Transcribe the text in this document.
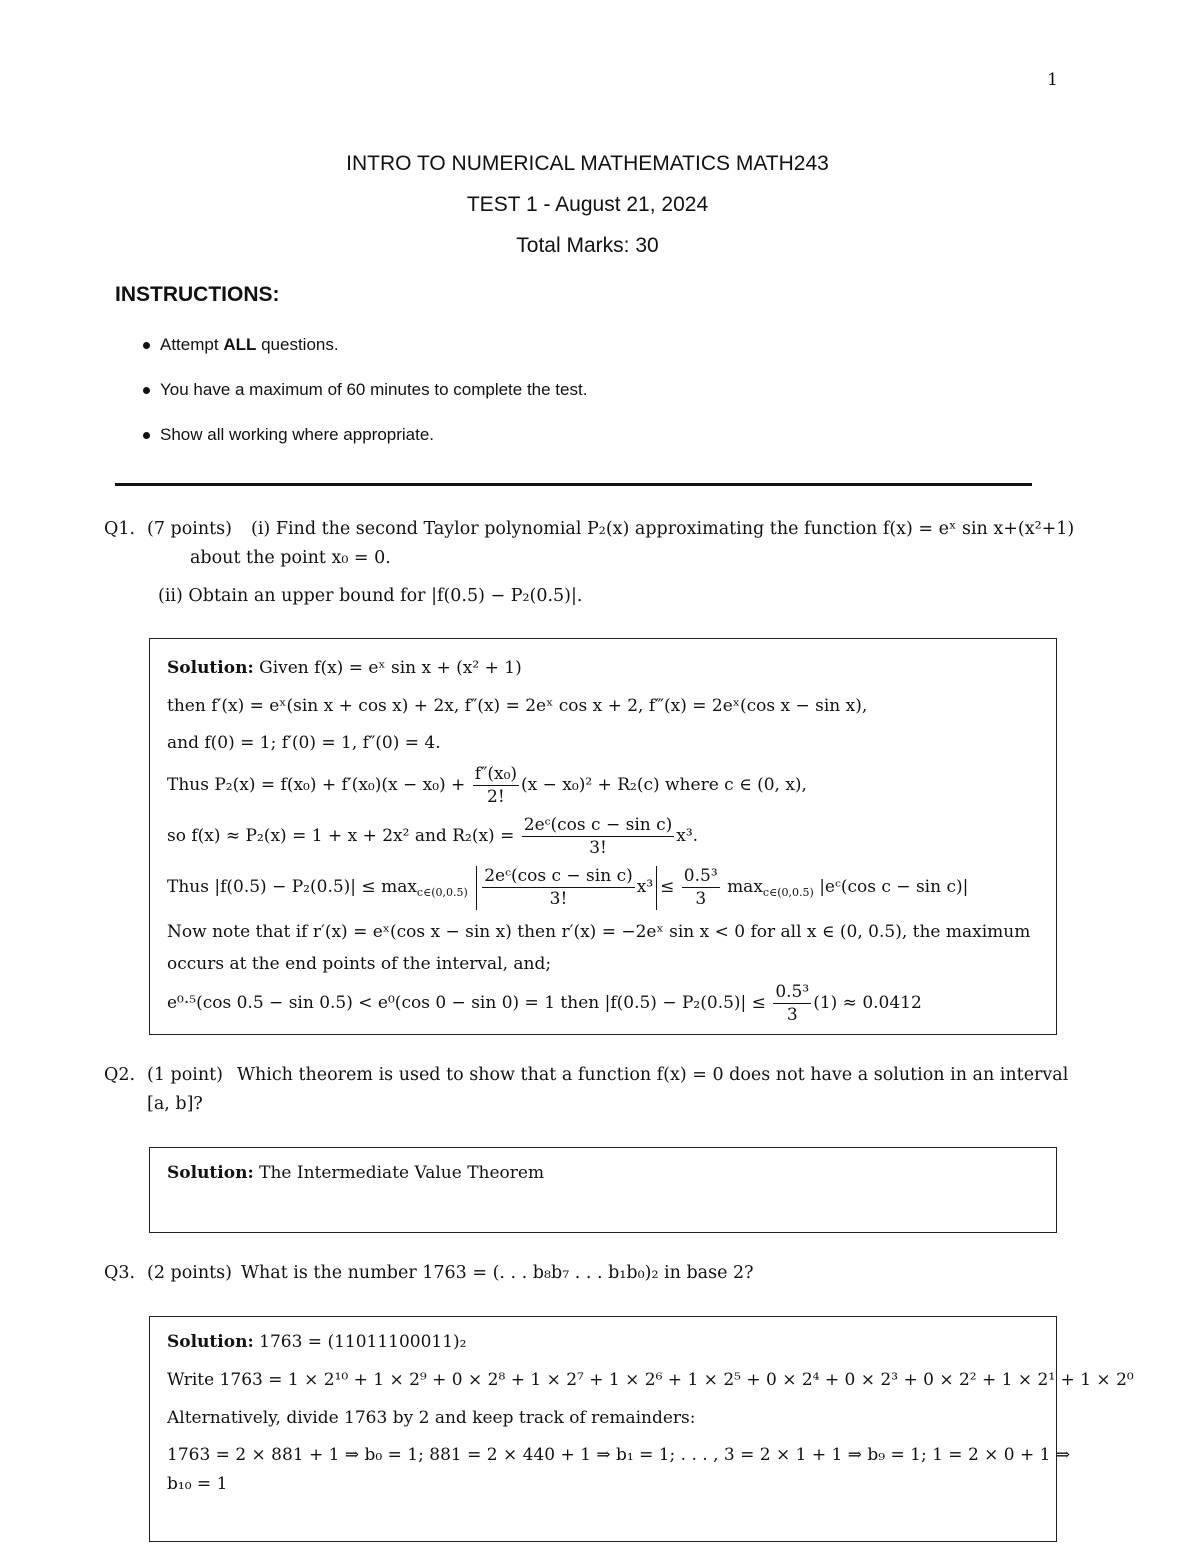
1
INTRO TO NUMERICAL MATHEMATICS MATH243
TEST 1 - August 21, 2024
Total Marks: 30
INSTRUCTIONS:
Attempt ALL questions.
You have a maximum of 60 minutes to complete the test.
Show all working where appropriate.
Q1. (7 points) (i) Find the second Taylor polynomial P₂(x) approximating the function f(x) = eˣ sin x+(x²+1)
about the point x₀ = 0.
(ii) Obtain an upper bound for |f(0.5) − P₂(0.5)|.
Solution: Given f(x) = eˣ sin x + (x² + 1)
then f′(x) = eˣ(sin x + cos x) + 2x, f″(x) = 2eˣ cos x + 2, f‴(x) = 2eˣ(cos x − sin x),
and f(0) = 1; f′(0) = 1, f″(0) = 4.
Thus $P_2(x) = f(x_0) + f'(x_0)(x - x_0) + \frac{\text{f″(x₀)}}{2!} (x - x_0)^2 + R_2(c)$ where c ∈ (0, x),
so f(x) ≈ P₂(x) = 1 + x + 2x² and $R_2(x) = \frac{\text{2eᶜ(cos c − sin c)}}{3!} x^3$.
Thus $|f(0.5) - P_2(0.5)| \le \max_{c\in(0,0.5)} \frac{\text{2eᶜ(cos c − sin c)}}{3!} x^3 \le \frac{\text{0.5³}}{3} \max_{c\in(0,0.5)}$ |eᶜ(cos c − sin c)|
Now note that if r′(x) = eˣ(cos x − sin x) then r′(x) = −2eˣ sin x < 0 for all x ∈ (0, 0.5), the maximum
occurs at the end points of the interval, and;
e⁰·⁵(cos 0.5 − sin 0.5) < e⁰(cos 0 − sin 0) = 1 then $|f(0.5) - P_2(0.5)| \le \frac{\text{0.5³}}{3} (1) \approx 0.0412$
Q2. (1 point) Which theorem is used to show that a function f(x) = 0 does not have a solution in an interval
[a, b]?
Solution: The Intermediate Value Theorem
Q3. (2 points) What is the number 1763 = (. . . b₈b₇ . . . b₁b₀)₂ in base 2?
Solution: 1763 = (11011100011)₂
Write 1763 = 1 × 2¹⁰ + 1 × 2⁹ + 0 × 2⁸ + 1 × 2⁷ + 1 × 2⁶ + 1 × 2⁵ + 0 × 2⁴ + 0 × 2³ + 0 × 2² + 1 × 2¹ + 1 × 2⁰
Alternatively, divide 1763 by 2 and keep track of remainders:
1763 = 2 × 881 + 1 ⇒ b₀ = 1; 881 = 2 × 440 + 1 ⇒ b₁ = 1; . . . , 3 = 2 × 1 + 1 ⇒ b₉ = 1; 1 = 2 × 0 + 1 ⇒
b₁₀ = 1
